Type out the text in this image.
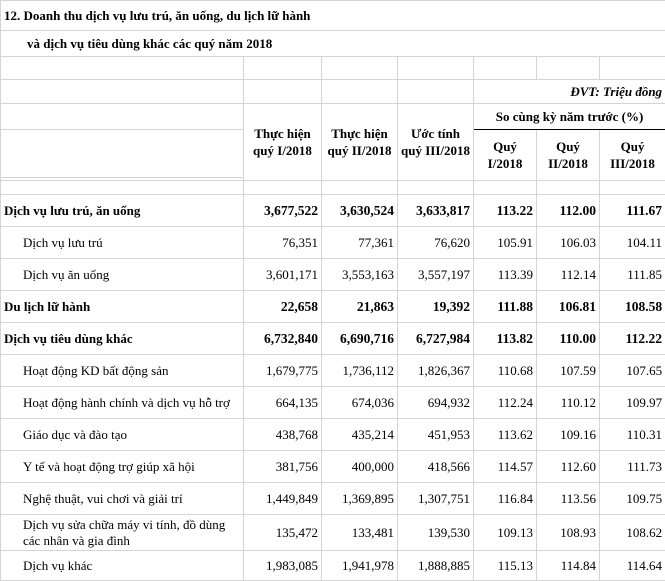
12. Doanh thu dịch vụ lưu trú, ăn uống, du lịch lữ hành						
và dịch vụ tiêu dùng khác các quý năm 2018						

				ĐVT: Triệu đồng		
	Thực hiện quý I/2018	Thực hiện quý II/2018	Ước tính quý III/2018	So cùng kỳ năm trước (%)		
				Quý I/2018	Quý II/2018	Quý III/2018

Dịch vụ lưu trú, ăn uống	3,677,522	3,630,524	3,633,817	113.22	112.00	111.67
Dịch vụ lưu trú	76,351	77,361	76,620	105.91	106.03	104.11
Dịch vụ ăn uống	3,601,171	3,553,163	3,557,197	113.39	112.14	111.85
Du lịch lữ hành	22,658	21,863	19,392	111.88	106.81	108.58
Dịch vụ tiêu dùng khác	6,732,840	6,690,716	6,727,984	113.82	110.00	112.22
Hoạt động KD bất động sản	1,679,775	1,736,112	1,826,367	110.68	107.59	107.65
Hoạt động hành chính và dịch vụ hỗ trợ	664,135	674,036	694,932	112.24	110.12	109.97
Giáo dục và đào tạo	438,768	435,214	451,953	113.62	109.16	110.31
Y tế và hoạt động trợ giúp xã hội	381,756	400,000	418,566	114.57	112.60	111.73
Nghệ thuật, vui chơi và giải trí	1,449,849	1,369,895	1,307,751	116.84	113.56	109.75
Dịch vụ sửa chữa máy vi tính, đồ dùng các nhân và gia đình	135,472	133,481	139,530	109.13	108.93	108.62
Dịch vụ khác	1,983,085	1,941,978	1,888,885	115.13	114.84	114.64
